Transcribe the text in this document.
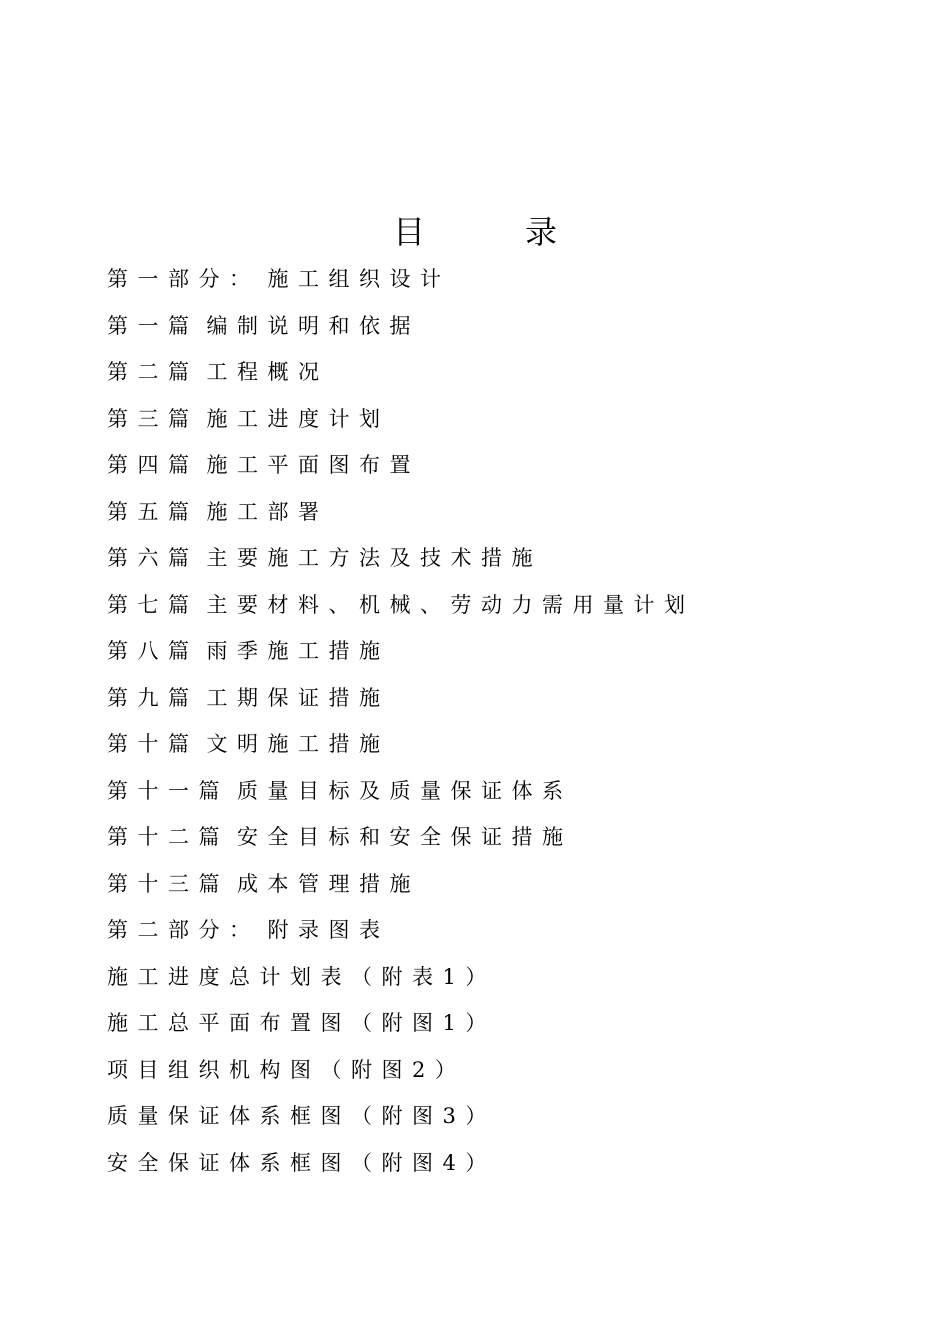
目	录
第一部分： 施工组织设计
第一篇 编制说明和依据
第二篇 工程概况
第三篇 施工进度计划
第四篇 施工平面图布置
第五篇 施工部署
第六篇 主要施工方法及技术措施
第七篇 主要材料、机械、劳动力需用量计划
第八篇 雨季施工措施
第九篇 工期保证措施
第十篇 文明施工措施
第十一篇 质量目标及质量保证体系
第十二篇 安全目标和安全保证措施
第十三篇 成本管理措施
第二部分： 附录图表
施工进度总计划表（附表1）
施工总平面布置图（附图1）
项目组织机构图（附图2）
质量保证体系框图（附图3）
安全保证体系框图（附图4）
